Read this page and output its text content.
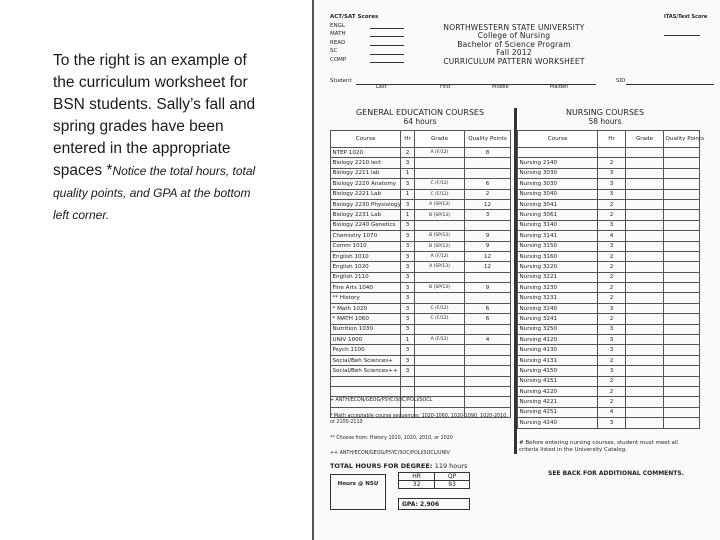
To the right is an example of the curriculum worksheet for BSN students. Sally’s fall and spring grades have been entered in the appropriate spaces *Notice the total hours, total quality points, and GPA at the bottom left corner.
ACT/SAT Scores
ENGL
MATH
READ
SC
COMP
NORTHWESTERN STATE UNIVERSITY
College of Nursing
Bachelor of Science Program
Fall 2012
CURRICULUM PATTERN WORKSHEET
ITAS/Test Score
Student	SID
Last	First	Middle	Maiden
GENERAL EDUCATION COURSES
64 hours
NURSING COURSES
58 hours
Course	Hr	Grade	Quality Points
NTEP 1020	2	A (F/12)	8
Biology 2210 lect	3		
Biology 2211 lab	1		
Biology 2220 Anatomy	3	C (F/12)	6
Biology 2221 Lab	1	C (F/12)	2
Biology 2230 Physiology	3	A (SP/13)	12
Biology 2231 Lab	1	B (SP/13)	3
Biology 2240 Genetics	3		
Chemistry 1070	3	B (SP/13)	9
Comm 1010	3	B (SP/13)	9
English 1010	3	A (F/12)	12
English 1020	3	A (SP/13)	12
English 2110	3		
Fine Arts 1040	3	B (SP/13)	9
** History	3		
* Math 1020	3	C (F/12)	6
* MATH 1060	3	C (F/12)	6
Nutrition 1030	3		
UNIV 1000	1	A (F/12)	4
Psych 1100	3		
Social/Beh Sciences+	3		
Social/Beh Sciences++	3		

Course	Hr	Grade	Quality Points

Nursing 2140	2		
Nursing 3030	3		
Nursing 3030	3		
Nursing 3040	3		
Nursing 3041	2		
Nursing 3061	2		
Nursing 3140	3		
Nursing 3141	4		
Nursing 3150	3		
Nursing 3160	2		
Nursing 3220	2		
Nursing 3221	2		
Nursing 3230	2		
Nursing 3231	2		
Nursing 3240	3		
Nursing 3241	2		
Nursing 3250	3		
Nursing 4120	3		
Nursing 4130	3		
Nursing 4131	2		
Nursing 4150	3		
Nursing 4151	2		
Nursing 4220	2		
Nursing 4221	2		
Nursing 4251	4		
Nursing 4240	3		

+ ANTH/ECON/GEOG/PSYC/SOC/POLI/SOCL

* Math acceptable course sequences: 1020-1060, 1020-1090, 1020-2010, or 2100-2110

** Choose from: History 1010, 1020, 2010, or 2020

++ ANTH/ECON/GEOG/PSYC/SOC/POLI/SOCL/UNIV

# Before entering nursing courses, student must meet all criteria listed in the University Catalog.
TOTAL HOURS FOR DEGREE: 119 hours
SEE BACK FOR ADDITIONAL COMMENTS.
Hours @ NSU
HR	QP
32	93
GPA: 2.906
